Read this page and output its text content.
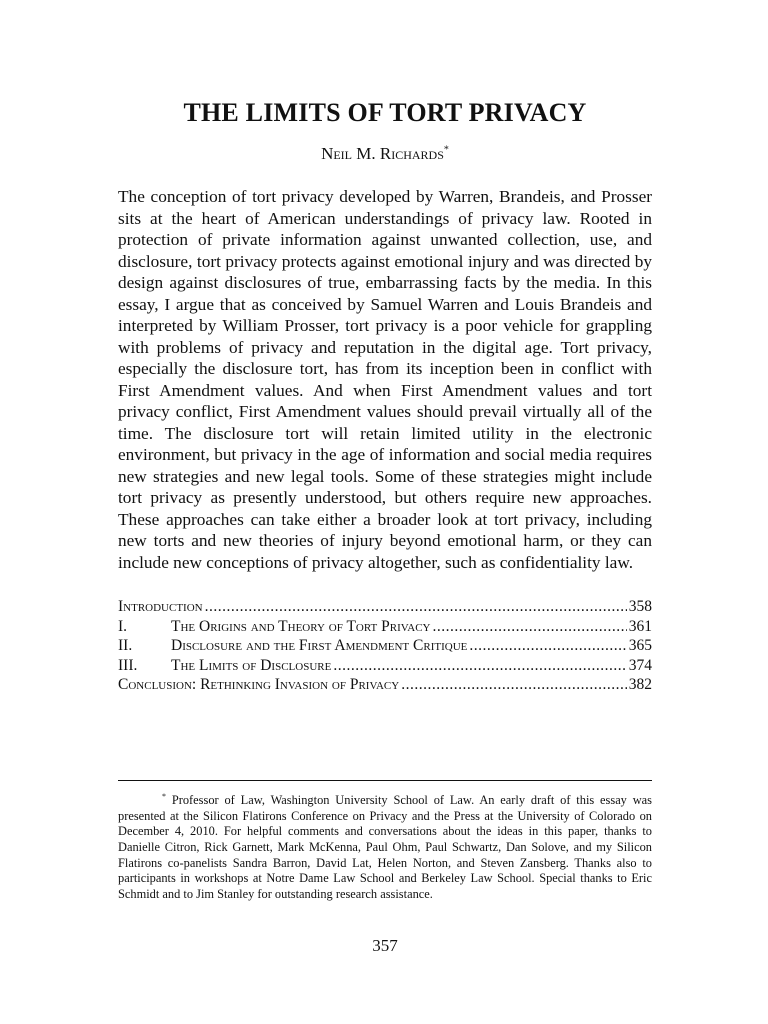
THE LIMITS OF TORT PRIVACY
Neil M. Richards*

The conception of tort privacy developed by Warren, Brandeis, and Prosser sits at the heart of American understandings of privacy law. Rooted in protection of private information against unwanted collection, use, and disclosure, tort privacy protects against emotional injury and was directed by design against disclosures of true, embarrassing facts by the media. In this essay, I argue that as conceived by Samuel Warren and Louis Brandeis and interpreted by William Prosser, tort privacy is a poor vehicle for grappling with problems of privacy and reputation in the digital age. Tort privacy, especially the disclosure tort, has from its inception been in conflict with First Amendment values. And when First Amendment values and tort privacy conflict, First Amendment values should prevail virtually all of the time. The disclosure tort will retain limited utility in the electronic environment, but privacy in the age of information and social media requires new strategies and new legal tools. Some of these strategies might include tort privacy as presently understood, but others require new approaches. These approaches can take either a broader look at tort privacy, including new torts and new theories of injury beyond emotional harm, or they can include new conceptions of privacy altogether, such as confidentiality law.

Introduction .....	358
I.	The Origins and Theory of Tort Privacy .....	361
II.	Disclosure and the First Amendment Critique .....	365
III.	The Limits of Disclosure .....	374
Conclusion: Rethinking Invasion of Privacy .....	382

* Professor of Law, Washington University School of Law. An early draft of this essay was presented at the Silicon Flatirons Conference on Privacy and the Press at the University of Colorado on December 4, 2010. For helpful comments and conversations about the ideas in this paper, thanks to Danielle Citron, Rick Garnett, Mark McKenna, Paul Ohm, Paul Schwartz, Dan Solove, and my Silicon Flatirons co-panelists Sandra Barron, David Lat, Helen Norton, and Steven Zansberg. Thanks also to participants in workshops at Notre Dame Law School and Berkeley Law School. Special thanks to Eric Schmidt and to Jim Stanley for outstanding research assistance.

357
